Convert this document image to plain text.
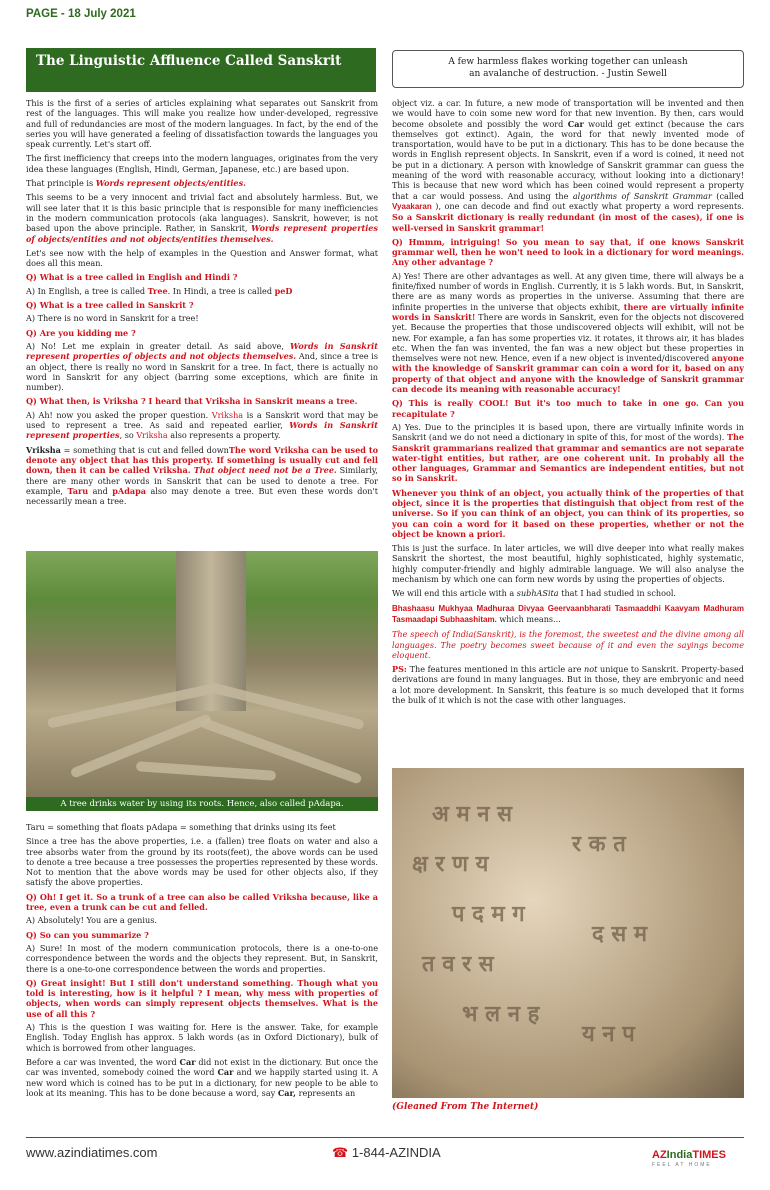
PAGE - 18 July 2021
The Linguistic Affluence Called Sanskrit	A few harmless flakes working together can unleash
an avalanche of destruction. - Justin Sewell

This is the first of a series of articles explaining what separates out Sanskrit from rest of the languages. This will make you realize how under-developed, regressive and full of redundancies are most of the modern languages. In fact, by the end of the series you will have generated a feeling of dissatisfaction towards the languages you speak currently. Let's start off.

The first inefficiency that creeps into the modern languages, originates from the very idea these languages (English, Hindi, German, Japanese, etc.) are based upon.

That principle is Words represent objects/entities.

This seems to be a very innocent and trivial fact and absolutely harmless. But, we will see later that it is this basic principle that is responsible for many inefficiencies in the modern communication protocols (aka languages). Sanskrit, however, is not based upon the above principle. Rather, in Sanskrit, Words represent properties of objects/entities and not objects/entities themselves.

Let's see now with the help of examples in the Question and Answer format, what does all this mean.

Q) What is a tree called in English and Hindi ?

A) In English, a tree is called Tree. In Hindi, a tree is called peD

Q) What is a tree called in Sanskrit ?

A) There is no word in Sanskrit for a tree!

Q) Are you kidding me ?

A) No! Let me explain in greater detail. As said above, Words in Sanskrit represent properties of objects and not objects themselves. And, since a tree is an object, there is really no word in Sanskrit for a tree. In fact, there is actually no word in Sanskrit for any object (barring some exceptions, which are finite in number).

Q) What then, is Vriksha ? I heard that Vriksha in Sanskrit means a tree.

A) Ah! now you asked the proper question. Vriksha is a Sanskrit word that may be used to represent a tree. As said and repeated earlier, Words in Sanskrit represent properties, so Vriksha also represents a property.

Vriksha = something that is cut and felled downThe word Vriksha can be used to denote any object that has this property. If something is usually cut and fell down, then it can be called Vriksha. That object need not be a Tree. Similarly, there are many other words in Sanskrit that can be used to denote a tree. For example, Taru and pAdapa also may denote a tree. But even these words don't necessarily mean a tree.

A tree drinks water by using its roots. Hence, also called pAdapa.

Taru = something that floats pAdapa = something that drinks using its feet

Since a tree has the above properties, i.e. a (fallen) tree floats on water and also a tree absorbs water from the ground by its roots(feet), the above words can be used to denote a tree because a tree possesses the properties represented by these words. Not to mention that the above words may be used for other objects also, if they satisfy the above properties.

Q) Oh! I get it. So a trunk of a tree can also be called Vriksha because, like a tree, even a trunk can be cut and felled.

A) Absolutely! You are a genius.

Q) So can you summarize ?

A) Sure! In most of the modern communication protocols, there is a one-to-one correspondence between the words and the objects they represent. But, in Sanskrit, there is a one-to-one correspondence between the words and properties.

Q) Great insight! But I still don't understand something. Though what you told is interesting, how is it helpful ? I mean, why mess with properties of objects, when words can simply represent objects themselves. What is the use of all this ?

A) This is the question I was waiting for. Here is the answer. Take, for example English. Today English has approx. 5 lakh words (as in Oxford Dictionary), bulk of which is borrowed from other languages.

Before a car was invented, the word Car did not exist in the dictionary. But once the car was invented, somebody coined the word Car and we happily started using it. A new word which is coined has to be put in a dictionary, for new people to be able to look at its meaning. This has to be done because a word, say Car, represents an

object viz. a car. In future, a new mode of transportation will be invented and then we would have to coin some new word for that new invention. By then, cars would become obsolete and possibly the word Car would get extinct (because the cars themselves got extinct). Again, the word for that newly invented mode of transportation, would have to be put in a dictionary. This has to be done because the words in English represent objects. In Sanskrit, even if a word is coined, it need not be put in a dictionary. A person with knowledge of Sanskrit grammar can guess the meaning of the word with reasonable accuracy, without looking into a dictionary! This is because that new word which has been coined would represent a property that a car would possess. And using the algorithms of Sanskrit Grammar (called Vyaakaran ), one can decode and find out exactly what property a word represents. So a Sanskrit dictionary is really redundant (in most of the cases), if one is well-versed in Sanskrit grammar!

Q) Hmmm, intriguing! So you mean to say that, if one knows Sanskrit grammar well, then he won't need to look in a dictionary for word meanings. Any other advantage ?

A) Yes! There are other advantages as well. At any given time, there will always be a finite/fixed number of words in English. Currently, it is 5 lakh words. But, in Sanskrit, there are as many words as properties in the universe. Assuming that there are infinite properties in the universe that objects exhibit, there are virtually infinite words in Sanskrit! There are words in Sanskrit, even for the objects not discovered yet. Because the properties that those undiscovered objects will exhibit, will not be new. For example, a fan has some properties viz. it rotates, it throws air, it has blades etc. When the fan was invented, the fan was a new object but these properties in themselves were not new. Hence, even if a new object is invented/discovered anyone with the knowledge of Sanskrit grammar can coin a word for it, based on any property of that object and anyone with the knowledge of Sanskrit grammar can decode its meaning with reasonable accuracy!

Q) This is really COOL! But it's too much to take in one go. Can you recapitulate ?

A) Yes. Due to the principles it is based upon, there are virtually infinite words in Sanskrit (and we do not need a dictionary in spite of this, for most of the words). The Sanskrit grammarians realized that grammar and semantics are not separate water-tight entities, but rather, are one coherent unit. In probably all the other languages, Grammar and Semantics are independent entities, but not so in Sanskrit.

Whenever you think of an object, you actually think of the properties of that object, since it is the properties that distinguish that object from rest of the universe. So if you can think of an object, you can think of its properties, so you can coin a word for it based on these properties, whether or not the object be known a priori.

This is just the surface. In later articles, we will dive deeper into what really makes Sanskrit the shortest, the most beautiful, highly sophisticated, highly systematic, highly computer-friendly and highly admirable language. We will also analyse the mechanism by which one can form new words by using the properties of objects.

We will end this article with a subhASita that I had studied in school.

Bhashaasu Mukhyaa Madhuraa Divyaa Geervaanbharati Tasmaaddhi Kaavyam Madhuram Tasmaadapi Subhaashitam. which means...

The speech of India(Sanskrit), is the foremost, the sweetest and the divine among all languages. The poetry becomes sweet because of it and even the sayings become eloquent.

PS: The features mentioned in this article are not unique to Sanskrit. Property-based derivations are found in many languages. But in those, they are embryonic and need a lot more development. In Sanskrit, this feature is so much developed that it forms the bulk of it which is not the case with other languages.

अ म न स
क्ष र ण य
प द म ग
त व र स
भ ल न ह
र क त
द स म
य न प
(Gleaned From The Internet)
www.azindiatimes.com	☎ 1-844-AZINDIA	AZIndiaTIMES
FEEL AT HOME
